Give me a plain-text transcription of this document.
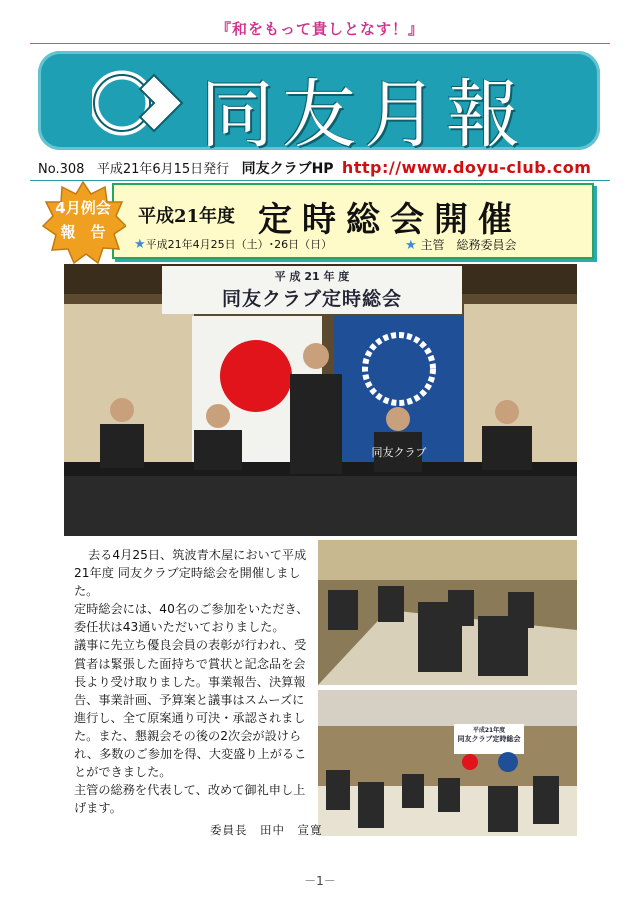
『和をもって貴しとなす！』
同友月報
No.308 平成21年6月15日発行 同友クラブHP http://www.doyu-club.com
4月例会
報　告
平成21年度 定時総会開催
★平成21年4月25日（土）･26日（日）	★ 主管　総務委員会
平 成 21 年 度
同友クラブ定時総会
同友クラブ
平成21年度
同友クラブ定時総会

去る4月25日、筑波青木屋において平成21年度 同友クラブ定時総会を開催しました。

定時総会には、40名のご参加をいただき、委任状は43通いただいておりました。

議事に先立ち優良会員の表彰が行われ、受賞者は緊張した面持ちで賞状と記念品を会長より受け取りました。事業報告、決算報告、事業計画、予算案と議事はスムーズに進行し、全て原案通り可決・承認されました。また、懇親会その後の2次会が設けられ、多数のご参加を得、大変盛り上がることができました。

主管の総務を代表して、改めて御礼申し上げます。

委員長　田中　宣寛
－1－
